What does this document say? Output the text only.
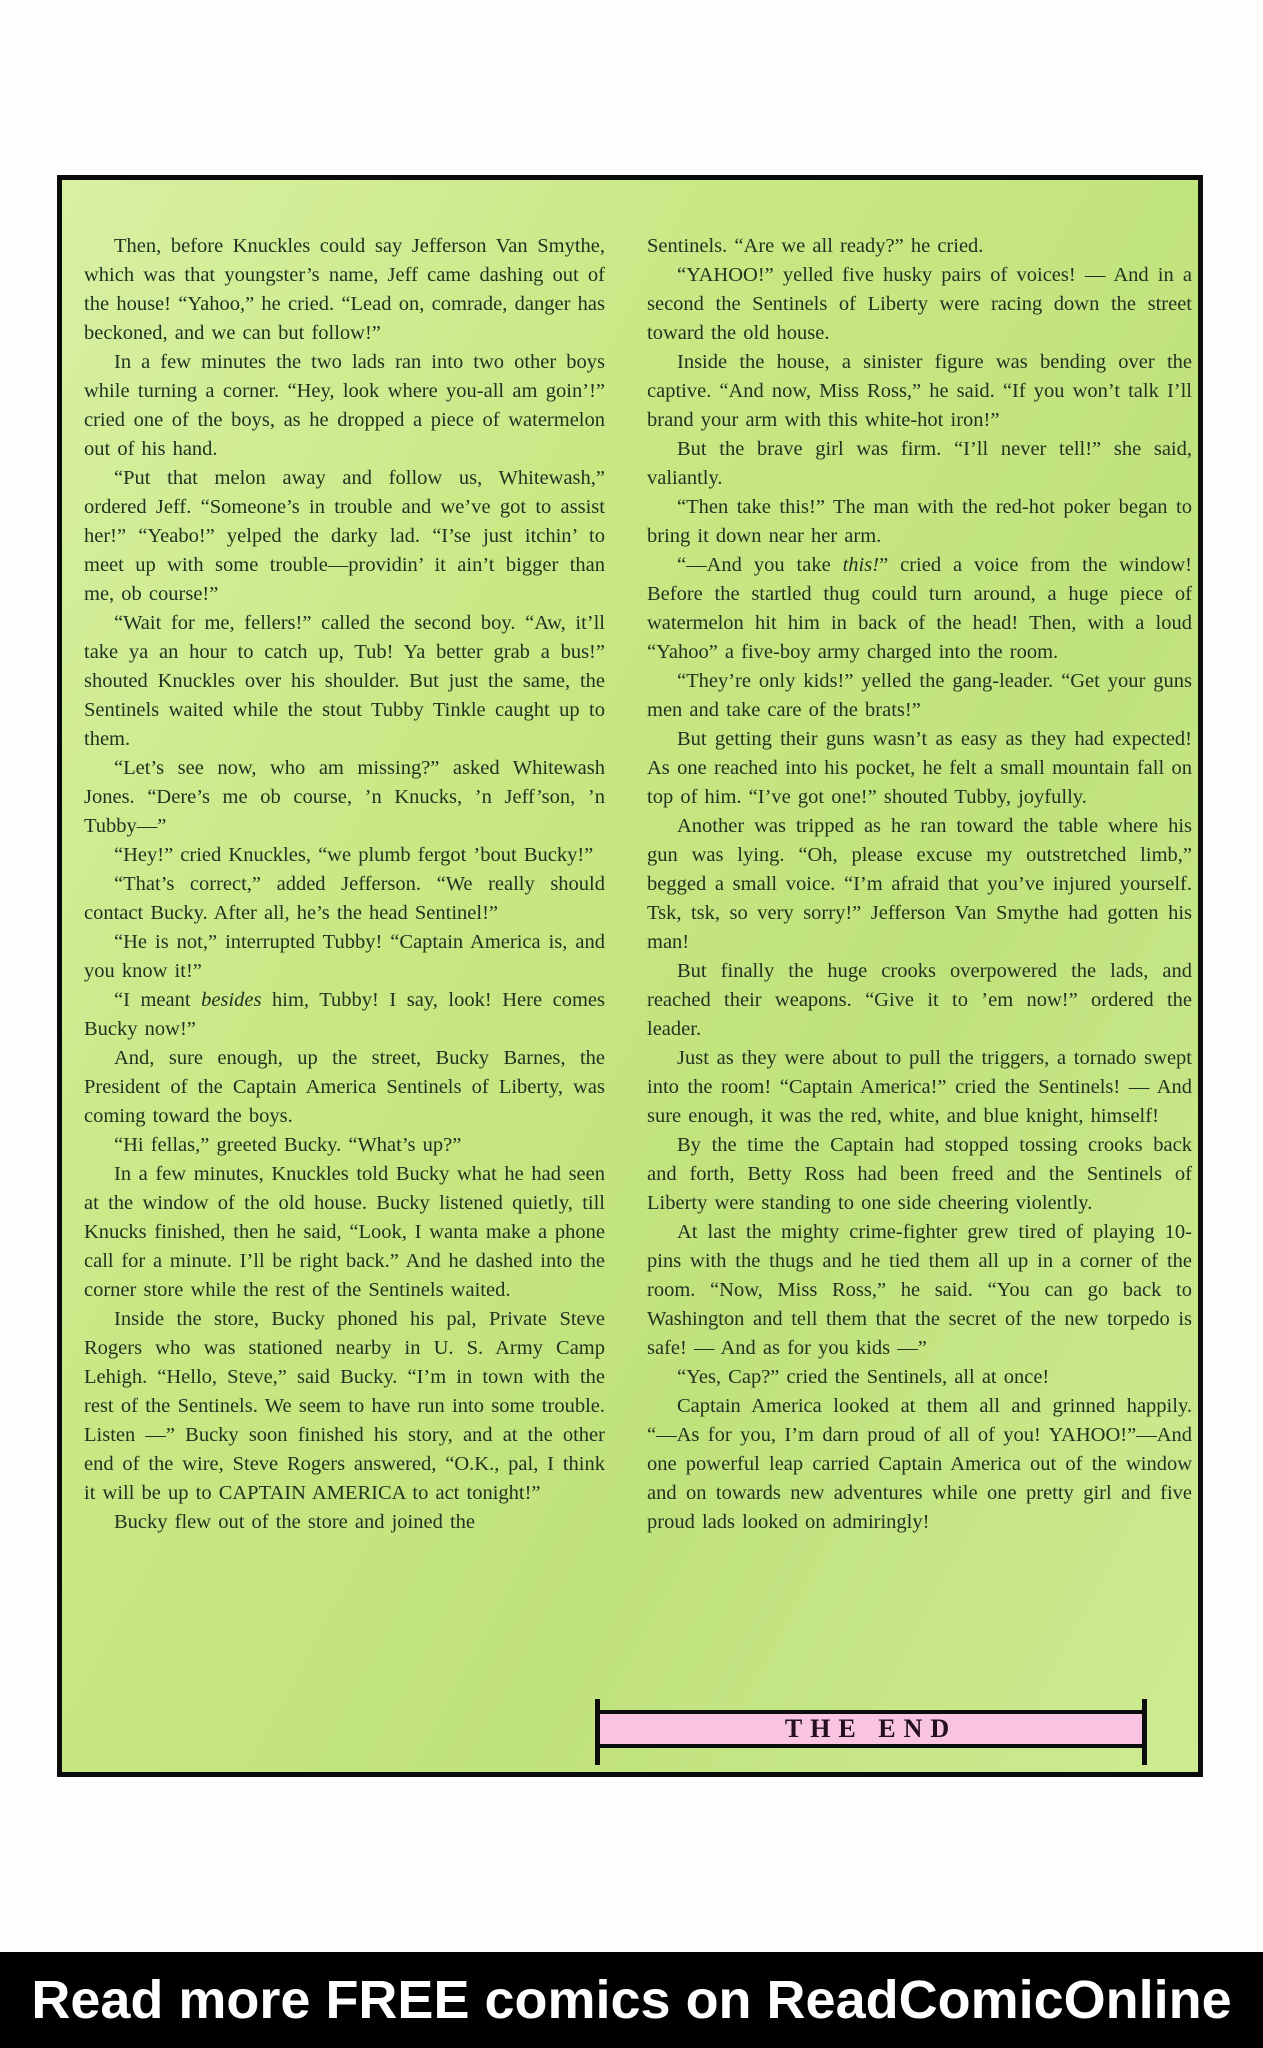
Then, before Knuckles could say Jefferson Van Smythe, which was that youngster’s name, Jeff came dashing out of the house! “Yahoo,” he cried. “Lead on, comrade, danger has beckoned, and we can but follow!”

In a few minutes the two lads ran into two other boys while turning a corner. “Hey, look where you-all am goin’!” cried one of the boys, as he dropped a piece of watermelon out of his hand.

“Put that melon away and follow us, Whitewash,” ordered Jeff. “Someone’s in trouble and we’ve got to assist her!” “Yeabo!” yelped the darky lad. “I’se just itchin’ to meet up with some trouble—providin’ it ain’t bigger than me, ob course!”

“Wait for me, fellers!” called the second boy. “Aw, it’ll take ya an hour to catch up, Tub! Ya better grab a bus!” shouted Knuckles over his shoulder. But just the same, the Sentinels waited while the stout Tubby Tinkle caught up to them.

“Let’s see now, who am missing?” asked Whitewash Jones. “Dere’s me ob course, ’n Knucks, ’n Jeff’son, ’n Tubby—”

“Hey!” cried Knuckles, “we plumb fergot ’bout Bucky!”

“That’s correct,” added Jefferson. “We really should contact Bucky. After all, he’s the head Sentinel!”

“He is not,” interrupted Tubby! “Captain America is, and you know it!”

“I meant besides him, Tubby! I say, look! Here comes Bucky now!”

And, sure enough, up the street, Bucky Barnes, the President of the Captain America Sentinels of Liberty, was coming toward the boys.

“Hi fellas,” greeted Bucky. “What’s up?”

In a few minutes, Knuckles told Bucky what he had seen at the window of the old house. Bucky listened quietly, till Knucks finished, then he said, “Look, I wanta make a phone call for a minute. I’ll be right back.” And he dashed into the corner store while the rest of the Sentinels waited.

Inside the store, Bucky phoned his pal, Private Steve Rogers who was stationed nearby in U. S. Army Camp Lehigh. “Hello, Steve,” said Bucky. “I’m in town with the rest of the Sentinels. We seem to have run into some trouble. Listen —” Bucky soon finished his story, and at the other end of the wire, Steve Rogers answered, “O.K., pal, I think it will be up to CAPTAIN AMERICA to act tonight!”

Bucky flew out of the store and joined the

Sentinels. “Are we all ready?” he cried.

“YAHOO!” yelled five husky pairs of voices! — And in a second the Sentinels of Liberty were racing down the street toward the old house.

Inside the house, a sinister figure was bending over the captive. “And now, Miss Ross,” he said. “If you won’t talk I’ll brand your arm with this white-hot iron!”

But the brave girl was firm. “I’ll never tell!” she said, valiantly.

“Then take this!” The man with the red-hot poker began to bring it down near her arm.

“—And you take this!” cried a voice from the window! Before the startled thug could turn around, a huge piece of watermelon hit him in back of the head! Then, with a loud “Yahoo” a five-boy army charged into the room.

“They’re only kids!” yelled the gang-leader. “Get your guns men and take care of the brats!”

But getting their guns wasn’t as easy as they had expected! As one reached into his pocket, he felt a small mountain fall on top of him. “I’ve got one!” shouted Tubby, joyfully.

Another was tripped as he ran toward the table where his gun was lying. “Oh, please excuse my outstretched limb,” begged a small voice. “I’m afraid that you’ve injured yourself. Tsk, tsk, so very sorry!” Jefferson Van Smythe had gotten his man!

But finally the huge crooks overpowered the lads, and reached their weapons. “Give it to ’em now!” ordered the leader.

Just as they were about to pull the triggers, a tornado swept into the room! “Captain America!” cried the Sentinels! — And sure enough, it was the red, white, and blue knight, himself!

By the time the Captain had stopped tossing crooks back and forth, Betty Ross had been freed and the Sentinels of Liberty were standing to one side cheering violently.

At last the mighty crime-fighter grew tired of playing 10-pins with the thugs and he tied them all up in a corner of the room. “Now, Miss Ross,” he said. “You can go back to Washington and tell them that the secret of the new torpedo is safe! — And as for you kids —”

“Yes, Cap?” cried the Sentinels, all at once!

Captain America looked at them all and grinned happily. “—As for you, I’m darn proud of all of you! YAHOO!”—And one powerful leap carried Captain America out of the window and on towards new adventures while one pretty girl and five proud lads looked on admiringly!

THE END
Read more FREE comics on ReadComicOnline
